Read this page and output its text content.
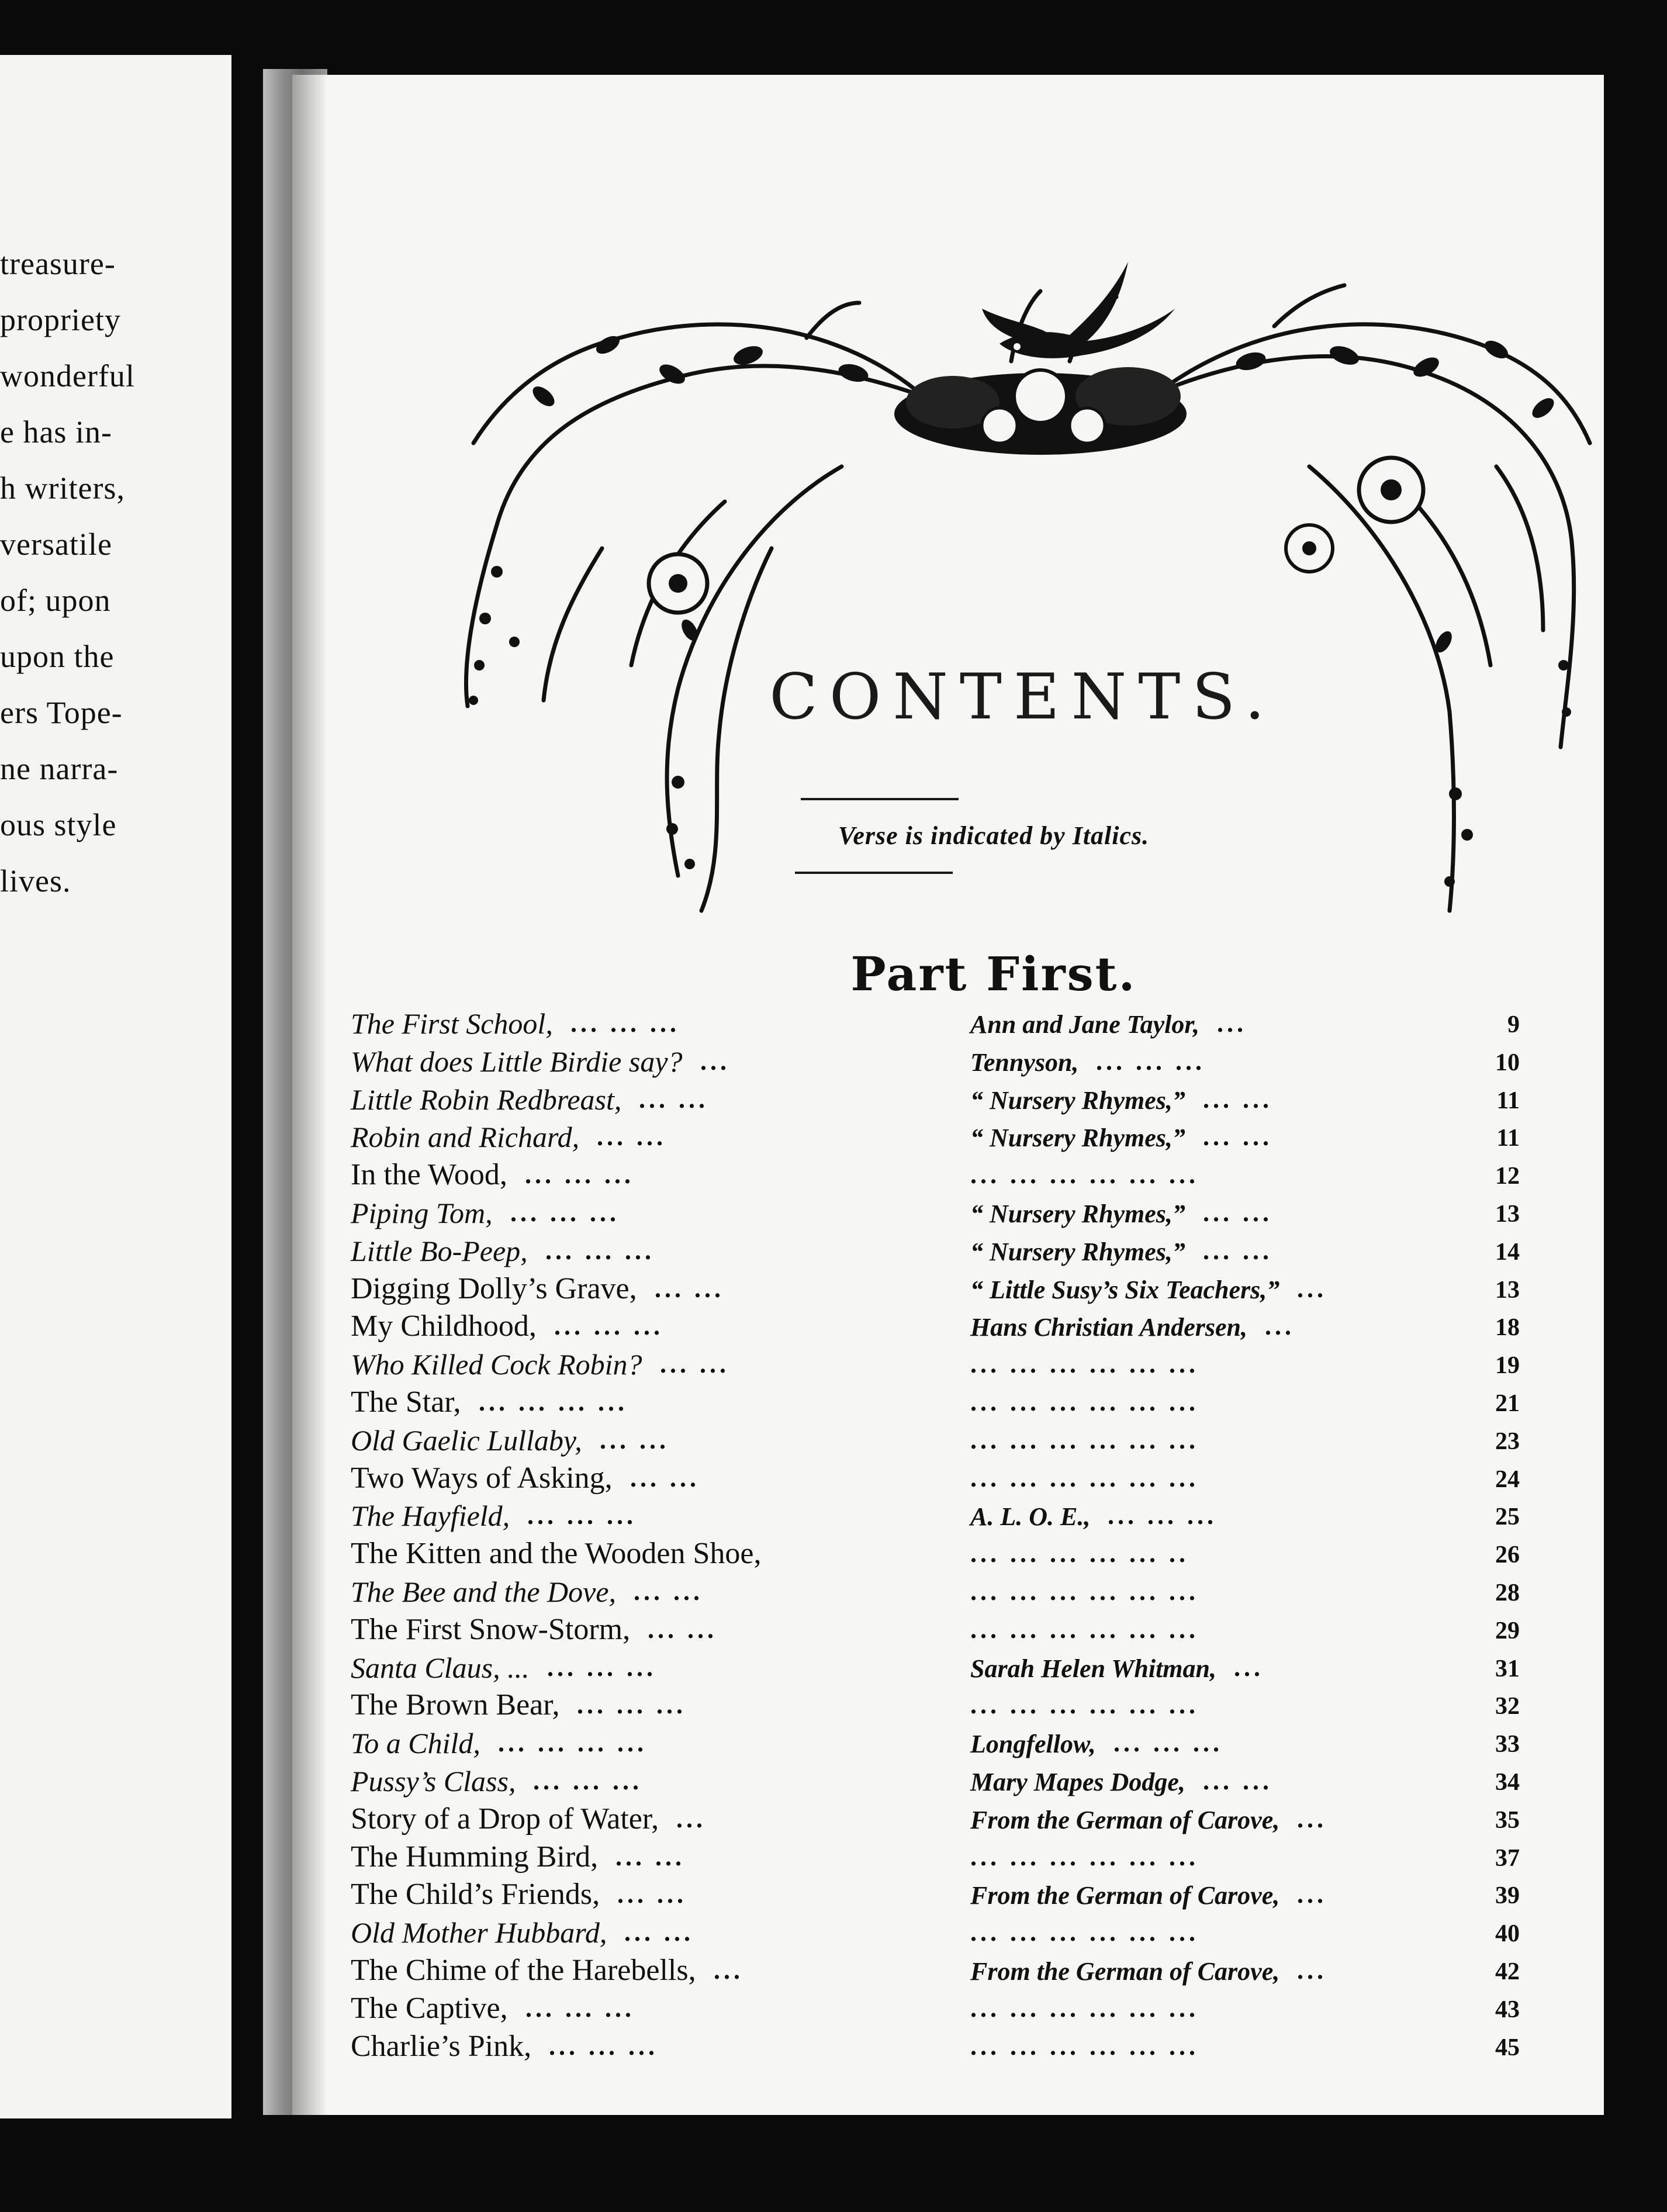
treasure-
propriety
wonderful
e has in-
h writers,
versatile
of; upon
upon the
ers Tope-
ne narra-
ous style
lives.
CONTENTS.
Verse is indicated by Italics.
Part First.
The First School, ... ... ...	Ann and Jane Taylor, ...	9
What does Little Birdie say? ...	Tennyson, ... ... ...	10
Little Robin Redbreast, ... ...	“ Nursery Rhymes,” ... ...	11
Robin and Richard, ... ...	“ Nursery Rhymes,” ... ...	11
In the Wood, ... ... ...	... ... ... ... ... ...	12
Piping Tom, ... ... ...	“ Nursery Rhymes,” ... ...	13
Little Bo-Peep, ... ... ...	“ Nursery Rhymes,” ... ...	14
Digging Dolly’s Grave, ... ...	“ Little Susy’s Six Teachers,” ...	13
My Childhood, ... ... ...	Hans Christian Andersen, ...	18
Who Killed Cock Robin? ... ...	... ... ... ... ... ...	19
The Star, ... ... ... ...	... ... ... ... ... ...	21
Old Gaelic Lullaby, ... ...	... ... ... ... ... ...	23
Two Ways of Asking, ... ...	... ... ... ... ... ...	24
The Hayfield, ... ... ...	A. L. O. E., ... ... ...	25
The Kitten and the Wooden Shoe,	... ... ... ... ... ..	26
The Bee and the Dove, ... ...	... ... ... ... ... ...	28
The First Snow-Storm, ... ...	... ... ... ... ... ...	29
Santa Claus, ... ... ... ...	Sarah Helen Whitman, ...	31
The Brown Bear, ... ... ...	... ... ... ... ... ...	32
To a Child, ... ... ... ...	Longfellow, ... ... ...	33
Pussy’s Class, ... ... ...	Mary Mapes Dodge, ... ...	34
Story of a Drop of Water, ...	From the German of Carove, ...	35
The Humming Bird, ... ...	... ... ... ... ... ...	37
The Child’s Friends, ... ...	From the German of Carove, ...	39
Old Mother Hubbard, ... ...	... ... ... ... ... ...	40
The Chime of the Harebells, ...	From the German of Carove, ...	42
The Captive, ... ... ...	... ... ... ... ... ...	43
Charlie’s Pink, ... ... ...	... ... ... ... ... ...	45
